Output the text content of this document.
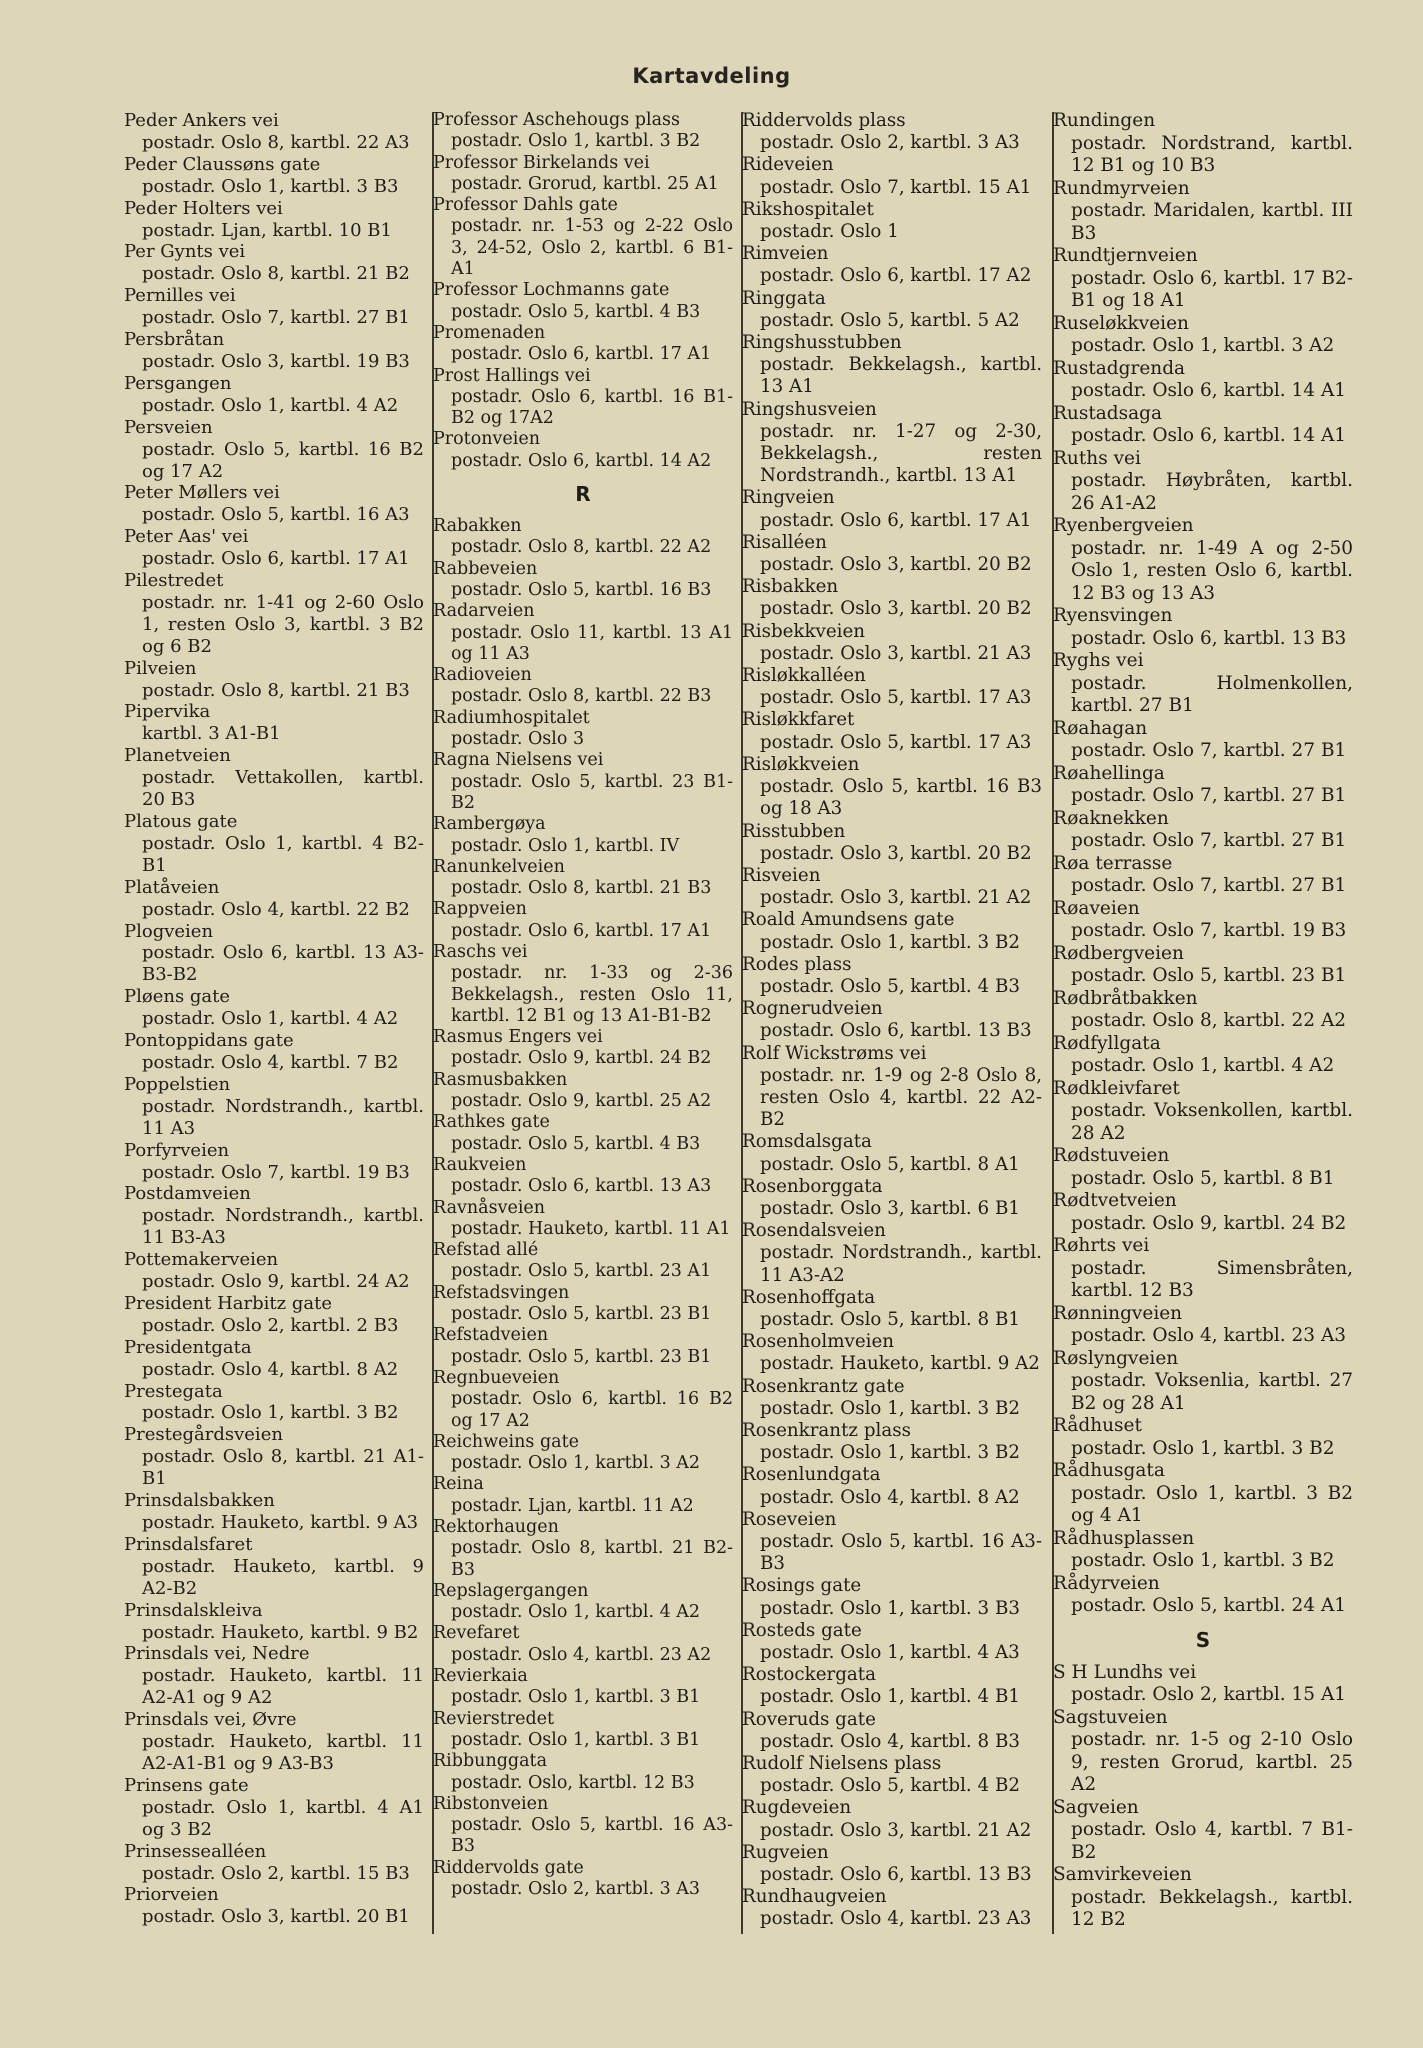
Kartavdeling
Peder Ankers vei
postadr. Oslo 8, kartbl. 22 A3
Peder Claussøns gate
postadr. Oslo 1, kartbl. 3 B3
Peder Holters vei
postadr. Ljan, kartbl. 10 B1
Per Gynts vei
postadr. Oslo 8, kartbl. 21 B2
Pernilles vei
postadr. Oslo 7, kartbl. 27 B1
Persbråtan
postadr. Oslo 3, kartbl. 19 B3
Persgangen
postadr. Oslo 1, kartbl. 4 A2
Persveien
postadr. Oslo 5, kartbl. 16 B2 og 17 A2
Peter Møllers vei
postadr. Oslo 5, kartbl. 16 A3
Peter Aas' vei
postadr. Oslo 6, kartbl. 17 A1
Pilestredet
postadr. nr. 1-41 og 2-60 Oslo 1, resten Oslo 3, kartbl. 3 B2 og 6 B2
Pilveien
postadr. Oslo 8, kartbl. 21 B3
Pipervika
kartbl. 3 A1-B1
Planetveien
postadr. Vettakollen, kartbl. 20 B3
Platous gate
postadr. Oslo 1, kartbl. 4 B2-B1
Platåveien
postadr. Oslo 4, kartbl. 22 B2
Plogveien
postadr. Oslo 6, kartbl. 13 A3-B3-B2
Pløens gate
postadr. Oslo 1, kartbl. 4 A2
Pontoppidans gate
postadr. Oslo 4, kartbl. 7 B2
Poppelstien
postadr. Nordstrandh., kartbl. 11 A3
Porfyrveien
postadr. Oslo 7, kartbl. 19 B3
Postdamveien
postadr. Nordstrandh., kartbl. 11 B3-A3
Pottemakerveien
postadr. Oslo 9, kartbl. 24 A2
President Harbitz gate
postadr. Oslo 2, kartbl. 2 B3
Presidentgata
postadr. Oslo 4, kartbl. 8 A2
Prestegata
postadr. Oslo 1, kartbl. 3 B2
Prestegårdsveien
postadr. Oslo 8, kartbl. 21 A1-B1
Prinsdalsbakken
postadr. Hauketo, kartbl. 9 A3
Prinsdalsfaret
postadr. Hauketo, kartbl. 9 A2-B2
Prinsdalskleiva
postadr. Hauketo, kartbl. 9 B2
Prinsdals vei, Nedre
postadr. Hauketo, kartbl. 11 A2-A1 og 9 A2
Prinsdals vei, Øvre
postadr. Hauketo, kartbl. 11 A2-A1-B1 og 9 A3-B3
Prinsens gate
postadr. Oslo 1, kartbl. 4 A1 og 3 B2
Prinsessealléen
postadr. Oslo 2, kartbl. 15 B3
Priorveien
postadr. Oslo 3, kartbl. 20 B1
Professor Aschehougs plass
postadr. Oslo 1, kartbl. 3 B2
Professor Birkelands vei
postadr. Grorud, kartbl. 25 A1
Professor Dahls gate
postadr. nr. 1-53 og 2-22 Oslo 3, 24-52, Oslo 2, kartbl. 6 B1-A1
Professor Lochmanns gate
postadr. Oslo 5, kartbl. 4 B3
Promenaden
postadr. Oslo 6, kartbl. 17 A1
Prost Hallings vei
postadr. Oslo 6, kartbl. 16 B1-B2 og 17A2
Protonveien
postadr. Oslo 6, kartbl. 14 A2
R
Rabakken
postadr. Oslo 8, kartbl. 22 A2
Rabbeveien
postadr. Oslo 5, kartbl. 16 B3
Radarveien
postadr. Oslo 11, kartbl. 13 A1 og 11 A3
Radioveien
postadr. Oslo 8, kartbl. 22 B3
Radiumhospitalet
postadr. Oslo 3
Ragna Nielsens vei
postadr. Oslo 5, kartbl. 23 B1-B2
Rambergøya
postadr. Oslo 1, kartbl. IV
Ranunkelveien
postadr. Oslo 8, kartbl. 21 B3
Rappveien
postadr. Oslo 6, kartbl. 17 A1
Raschs vei
postadr. nr. 1-33 og 2-36 Bekkelagsh., resten Oslo 11, kartbl. 12 B1 og 13 A1-B1-B2
Rasmus Engers vei
postadr. Oslo 9, kartbl. 24 B2
Rasmusbakken
postadr. Oslo 9, kartbl. 25 A2
Rathkes gate
postadr. Oslo 5, kartbl. 4 B3
Raukveien
postadr. Oslo 6, kartbl. 13 A3
Ravnåsveien
postadr. Hauketo, kartbl. 11 A1
Refstad allé
postadr. Oslo 5, kartbl. 23 A1
Refstadsvingen
postadr. Oslo 5, kartbl. 23 B1
Refstadveien
postadr. Oslo 5, kartbl. 23 B1
Regnbueveien
postadr. Oslo 6, kartbl. 16 B2 og 17 A2
Reichweins gate
postadr. Oslo 1, kartbl. 3 A2
Reina
postadr. Ljan, kartbl. 11 A2
Rektorhaugen
postadr. Oslo 8, kartbl. 21 B2-B3
Repslagergangen
postadr. Oslo 1, kartbl. 4 A2
Revefaret
postadr. Oslo 4, kartbl. 23 A2
Revierkaia
postadr. Oslo 1, kartbl. 3 B1
Revierstredet
postadr. Oslo 1, kartbl. 3 B1
Ribbunggata
postadr. Oslo, kartbl. 12 B3
Ribstonveien
postadr. Oslo 5, kartbl. 16 A3-B3
Riddervolds gate
postadr. Oslo 2, kartbl. 3 A3
Riddervolds plass
postadr. Oslo 2, kartbl. 3 A3
Rideveien
postadr. Oslo 7, kartbl. 15 A1
Rikshospitalet
postadr. Oslo 1
Rimveien
postadr. Oslo 6, kartbl. 17 A2
Ringgata
postadr. Oslo 5, kartbl. 5 A2
Ringshusstubben
postadr. Bekkelagsh., kartbl. 13 A1
Ringshusveien
postadr. nr. 1-27 og 2-30, Bekkelagsh., resten Nordstrandh., kartbl. 13 A1
Ringveien
postadr. Oslo 6, kartbl. 17 A1
Risalléen
postadr. Oslo 3, kartbl. 20 B2
Risbakken
postadr. Oslo 3, kartbl. 20 B2
Risbekkveien
postadr. Oslo 3, kartbl. 21 A3
Risløkkalléen
postadr. Oslo 5, kartbl. 17 A3
Risløkkfaret
postadr. Oslo 5, kartbl. 17 A3
Risløkkveien
postadr. Oslo 5, kartbl. 16 B3 og 18 A3
Risstubben
postadr. Oslo 3, kartbl. 20 B2
Risveien
postadr. Oslo 3, kartbl. 21 A2
Roald Amundsens gate
postadr. Oslo 1, kartbl. 3 B2
Rodes plass
postadr. Oslo 5, kartbl. 4 B3
Rognerudveien
postadr. Oslo 6, kartbl. 13 B3
Rolf Wickstrøms vei
postadr. nr. 1-9 og 2-8 Oslo 8, resten Oslo 4, kartbl. 22 A2-B2
Romsdalsgata
postadr. Oslo 5, kartbl. 8 A1
Rosenborggata
postadr. Oslo 3, kartbl. 6 B1
Rosendalsveien
postadr. Nordstrandh., kartbl. 11 A3-A2
Rosenhoffgata
postadr. Oslo 5, kartbl. 8 B1
Rosenholmveien
postadr. Hauketo, kartbl. 9 A2
Rosenkrantz gate
postadr. Oslo 1, kartbl. 3 B2
Rosenkrantz plass
postadr. Oslo 1, kartbl. 3 B2
Rosenlundgata
postadr. Oslo 4, kartbl. 8 A2
Roseveien
postadr. Oslo 5, kartbl. 16 A3-B3
Rosings gate
postadr. Oslo 1, kartbl. 3 B3
Rosteds gate
postadr. Oslo 1, kartbl. 4 A3
Rostockergata
postadr. Oslo 1, kartbl. 4 B1
Roveruds gate
postadr. Oslo 4, kartbl. 8 B3
Rudolf Nielsens plass
postadr. Oslo 5, kartbl. 4 B2
Rugdeveien
postadr. Oslo 3, kartbl. 21 A2
Rugveien
postadr. Oslo 6, kartbl. 13 B3
Rundhaugveien
postadr. Oslo 4, kartbl. 23 A3
Rundingen
postadr. Nordstrand, kartbl. 12 B1 og 10 B3
Rundmyrveien
postadr. Maridalen, kartbl. III B3
Rundtjernveien
postadr. Oslo 6, kartbl. 17 B2-B1 og 18 A1
Ruseløkkveien
postadr. Oslo 1, kartbl. 3 A2
Rustadgrenda
postadr. Oslo 6, kartbl. 14 A1
Rustadsaga
postadr. Oslo 6, kartbl. 14 A1
Ruths vei
postadr. Høybråten, kartbl. 26 A1-A2
Ryenbergveien
postadr. nr. 1-49 A og 2-50 Oslo 1, resten Oslo 6, kartbl. 12 B3 og 13 A3
Ryensvingen
postadr. Oslo 6, kartbl. 13 B3
Ryghs vei
postadr. Holmenkollen, kartbl. 27 B1
Røahagan
postadr. Oslo 7, kartbl. 27 B1
Røahellinga
postadr. Oslo 7, kartbl. 27 B1
Røaknekken
postadr. Oslo 7, kartbl. 27 B1
Røa terrasse
postadr. Oslo 7, kartbl. 27 B1
Røaveien
postadr. Oslo 7, kartbl. 19 B3
Rødbergveien
postadr. Oslo 5, kartbl. 23 B1
Rødbråtbakken
postadr. Oslo 8, kartbl. 22 A2
Rødfyllgata
postadr. Oslo 1, kartbl. 4 A2
Rødkleivfaret
postadr. Voksenkollen, kartbl. 28 A2
Rødstuveien
postadr. Oslo 5, kartbl. 8 B1
Rødtvetveien
postadr. Oslo 9, kartbl. 24 B2
Røhrts vei
postadr. Simensbråten, kartbl. 12 B3
Rønningveien
postadr. Oslo 4, kartbl. 23 A3
Røslyngveien
postadr. Voksenlia, kartbl. 27 B2 og 28 A1
Rådhuset
postadr. Oslo 1, kartbl. 3 B2
Rådhusgata
postadr. Oslo 1, kartbl. 3 B2 og 4 A1
Rådhusplassen
postadr. Oslo 1, kartbl. 3 B2
Rådyrveien
postadr. Oslo 5, kartbl. 24 A1
S
S H Lundhs vei
postadr. Oslo 2, kartbl. 15 A1
Sagstuveien
postadr. nr. 1-5 og 2-10 Oslo 9, resten Grorud, kartbl. 25 A2
Sagveien
postadr. Oslo 4, kartbl. 7 B1-B2
Samvirkeveien
postadr. Bekkelagsh., kartbl. 12 B2
